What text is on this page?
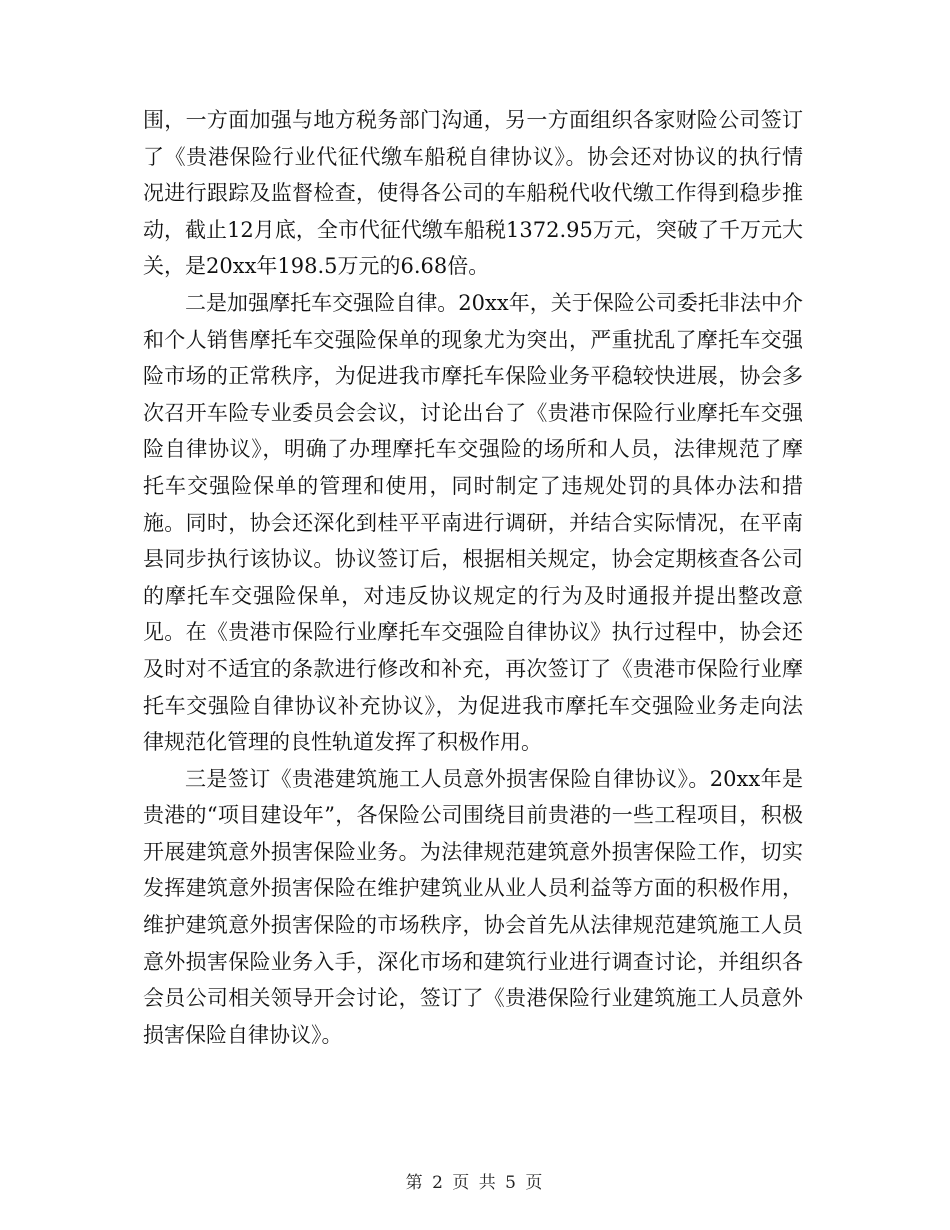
围，一方面加强与地方税务部门沟通，另一方面组织各家财险公司签订了《贵港保险行业代征代缴车船税自律协议》。协会还对协议的执行情况进行跟踪及监督检查，使得各公司的车船税代收代缴工作得到稳步推动，截止12月底，全市代征代缴车船税1372.95万元，突破了千万元大关，是20xx年198.5万元的6.68倍。

二是加强摩托车交强险自律。20xx年，关于保险公司委托非法中介和个人销售摩托车交强险保单的现象尤为突出，严重扰乱了摩托车交强险市场的正常秩序，为促进我市摩托车保险业务平稳较快进展，协会多次召开车险专业委员会会议，讨论出台了《贵港市保险行业摩托车交强险自律协议》，明确了办理摩托车交强险的场所和人员，法律规范了摩托车交强险保单的管理和使用，同时制定了违规处罚的具体办法和措施。同时，协会还深化到桂平平南进行调研，并结合实际情况，在平南县同步执行该协议。协议签订后，根据相关规定，协会定期核查各公司的摩托车交强险保单，对违反协议规定的行为及时通报并提出整改意见。在《贵港市保险行业摩托车交强险自律协议》执行过程中，协会还及时对不适宜的条款进行修改和补充，再次签订了《贵港市保险行业摩托车交强险自律协议补充协议》，为促进我市摩托车交强险业务走向法律规范化管理的良性轨道发挥了积极作用。

三是签订《贵港建筑施工人员意外损害保险自律协议》。20xx年是贵港的“项目建设年”，各保险公司围绕目前贵港的一些工程项目，积极开展建筑意外损害保险业务。为法律规范建筑意外损害保险工作，切实发挥建筑意外损害保险在维护建筑业从业人员利益等方面的积极作用，维护建筑意外损害保险的市场秩序，协会首先从法律规范建筑施工人员意外损害保险业务入手，深化市场和建筑行业进行调查讨论，并组织各会员公司相关领导开会讨论，签订了《贵港保险行业建筑施工人员意外损害保险自律协议》。

第 2 页 共 5 页
